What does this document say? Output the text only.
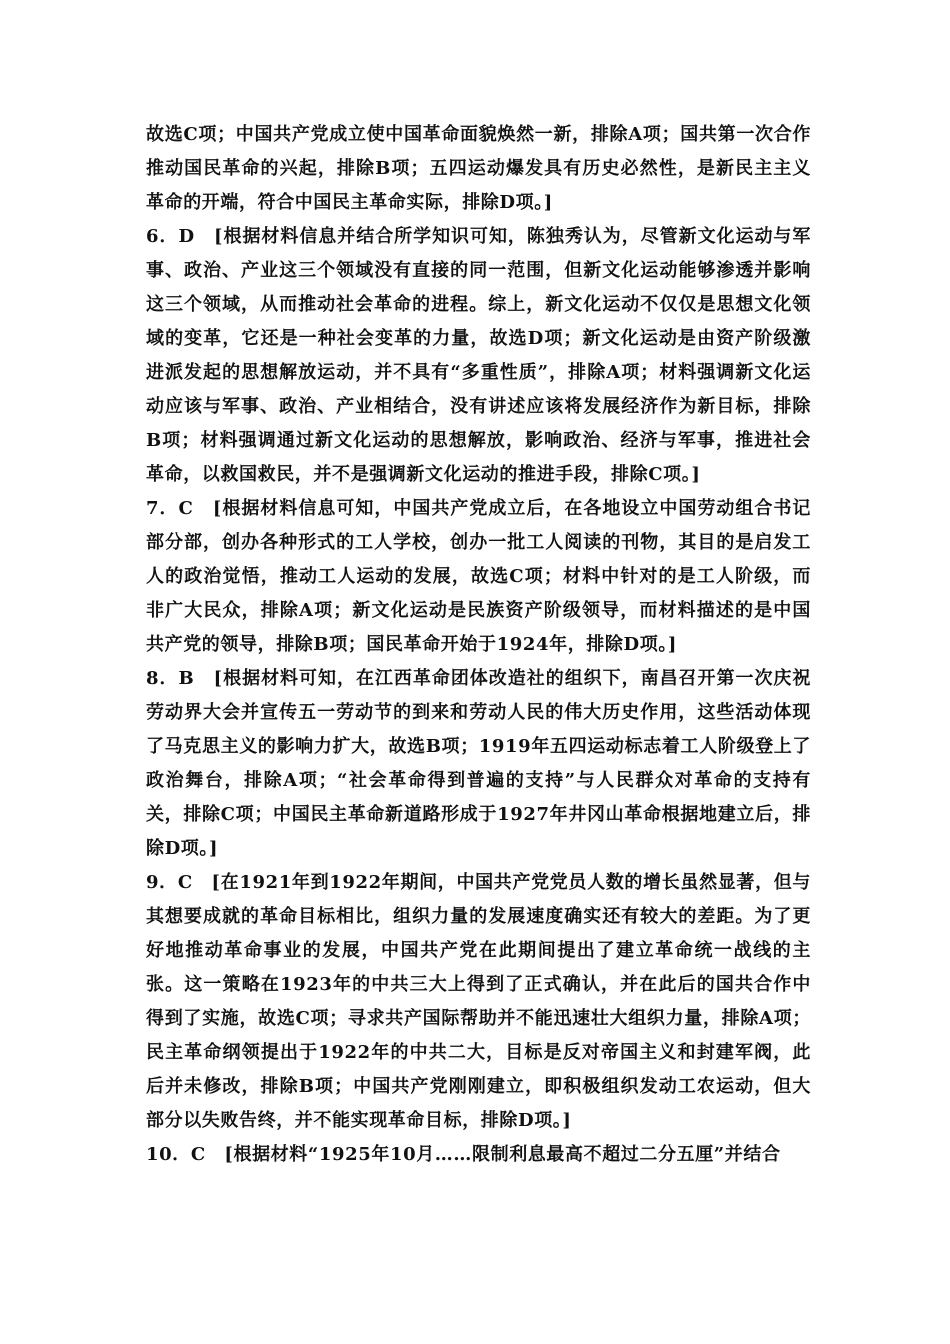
故选C项；中国共产党成立使中国革命面貌焕然一新，排除A项；国共第一次合作推动国民革命的兴起，排除B项；五四运动爆发具有历史必然性，是新民主主义革命的开端，符合中国民主革命实际，排除D项。]

6．D　[根据材料信息并结合所学知识可知，陈独秀认为，尽管新文化运动与军事、政治、产业这三个领域没有直接的同一范围，但新文化运动能够渗透并影响这三个领域，从而推动社会革命的进程。综上，新文化运动不仅仅是思想文化领域的变革，它还是一种社会变革的力量，故选D项；新文化运动是由资产阶级激进派发起的思想解放运动，并不具有“多重性质”，排除A项；材料强调新文化运动应该与军事、政治、产业相结合，没有讲述应该将发展经济作为新目标，排除B项；材料强调通过新文化运动的思想解放，影响政治、经济与军事，推进社会革命，以救国救民，并不是强调新文化运动的推进手段，排除C项。]

7．C　[根据材料信息可知，中国共产党成立后，在各地设立中国劳动组合书记部分部，创办各种形式的工人学校，创办一批工人阅读的刊物，其目的是启发工人的政治觉悟，推动工人运动的发展，故选C项；材料中针对的是工人阶级，而非广大民众，排除A项；新文化运动是民族资产阶级领导，而材料描述的是中国共产党的领导，排除B项；国民革命开始于1924年，排除D项。]

8．B　[根据材料可知，在江西革命团体改造社的组织下，南昌召开第一次庆祝劳动界大会并宣传五一劳动节的到来和劳动人民的伟大历史作用，这些活动体现了马克思主义的影响力扩大，故选B项；1919年五四运动标志着工人阶级登上了政治舞台，排除A项；“社会革命得到普遍的支持”与人民群众对革命的支持有关，排除C项；中国民主革命新道路形成于1927年井冈山革命根据地建立后，排除D项。]

9．C　[在1921年到1922年期间，中国共产党党员人数的增长虽然显著，但与其想要成就的革命目标相比，组织力量的发展速度确实还有较大的差距。为了更好地推动革命事业的发展，中国共产党在此期间提出了建立革命统一战线的主张。这一策略在1923年的中共三大上得到了正式确认，并在此后的国共合作中得到了实施，故选C项；寻求共产国际帮助并不能迅速壮大组织力量，排除A项；民主革命纲领提出于1922年的中共二大，目标是反对帝国主义和封建军阀，此后并未修改，排除B项；中国共产党刚刚建立，即积极组织发动工农运动，但大部分以失败告终，并不能实现革命目标，排除D项。]

10．C　[根据材料“1925年10月……限制利息最高不超过二分五厘”并结合
